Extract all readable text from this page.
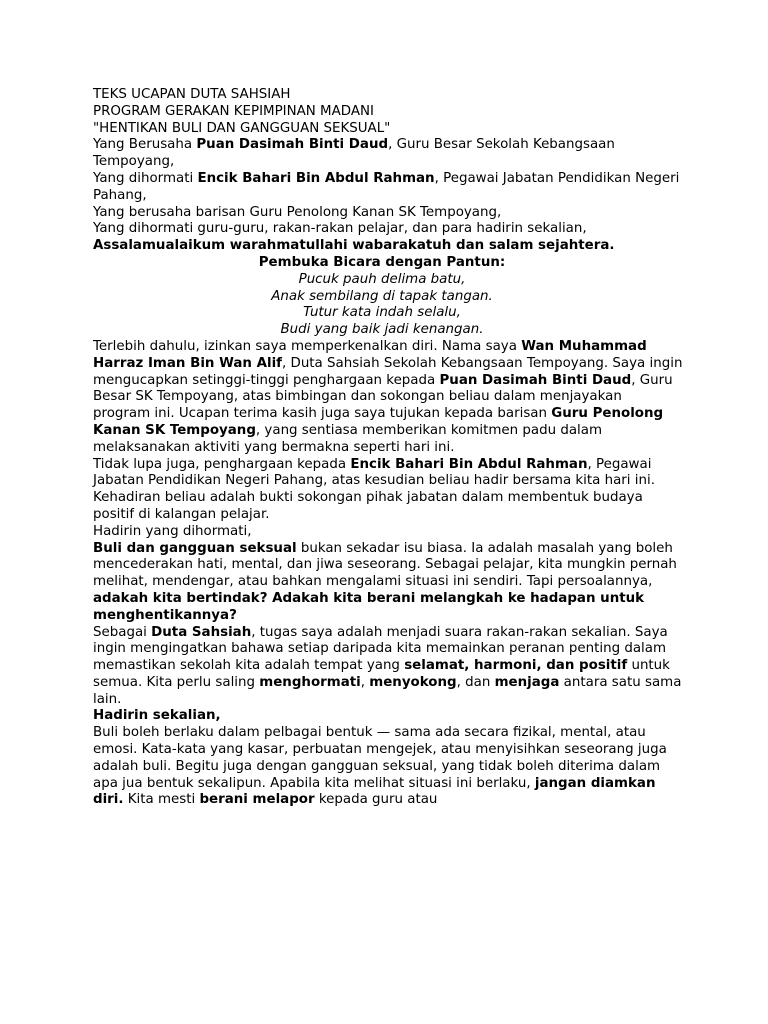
TEKS UCAPAN DUTA SAHSIAH

PROGRAM GERAKAN KEPIMPINAN MADANI
"HENTIKAN BULI DAN GANGGUAN SEKSUAL"

Yang Berusaha Puan Dasimah Binti Daud, Guru Besar Sekolah Kebangsaan Tempoyang,
Yang dihormati Encik Bahari Bin Abdul Rahman, Pegawai Jabatan Pendidikan Negeri Pahang,
Yang berusaha barisan Guru Penolong Kanan SK Tempoyang,
Yang dihormati guru-guru, rakan-rakan pelajar, dan para hadirin sekalian,

Assalamualaikum warahmatullahi wabarakatuh dan salam sejahtera.

Pembuka Bicara dengan Pantun:
Pucuk pauh delima batu,
Anak sembilang di tapak tangan.
Tutur kata indah selalu,
Budi yang baik jadi kenangan.

Terlebih dahulu, izinkan saya memperkenalkan diri. Nama saya Wan Muhammad Harraz Iman Bin Wan Alif, Duta Sahsiah Sekolah Kebangsaan Tempoyang. Saya ingin mengucapkan setinggi-tinggi penghargaan kepada Puan Dasimah Binti Daud, Guru Besar SK Tempoyang, atas bimbingan dan sokongan beliau dalam menjayakan program ini. Ucapan terima kasih juga saya tujukan kepada barisan Guru Penolong Kanan SK Tempoyang, yang sentiasa memberikan komitmen padu dalam melaksanakan aktiviti yang bermakna seperti hari ini.

Tidak lupa juga, penghargaan kepada Encik Bahari Bin Abdul Rahman, Pegawai Jabatan Pendidikan Negeri Pahang, atas kesudian beliau hadir bersama kita hari ini. Kehadiran beliau adalah bukti sokongan pihak jabatan dalam membentuk budaya positif di kalangan pelajar.

Hadirin yang dihormati,

Buli dan gangguan seksual bukan sekadar isu biasa. Ia adalah masalah yang boleh mencederakan hati, mental, dan jiwa seseorang. Sebagai pelajar, kita mungkin pernah melihat, mendengar, atau bahkan mengalami situasi ini sendiri. Tapi persoalannya, adakah kita bertindak? Adakah kita berani melangkah ke hadapan untuk menghentikannya?

Sebagai Duta Sahsiah, tugas saya adalah menjadi suara rakan-rakan sekalian. Saya ingin mengingatkan bahawa setiap daripada kita memainkan peranan penting dalam memastikan sekolah kita adalah tempat yang selamat, harmoni, dan positif untuk semua. Kita perlu saling menghormati, menyokong, dan menjaga antara satu sama lain.

Hadirin sekalian,

Buli boleh berlaku dalam pelbagai bentuk — sama ada secara fizikal, mental, atau emosi. Kata-kata yang kasar, perbuatan mengejek, atau menyisihkan seseorang juga adalah buli. Begitu juga dengan gangguan seksual, yang tidak boleh diterima dalam apa jua bentuk sekalipun. Apabila kita melihat situasi ini berlaku, jangan diamkan diri. Kita mesti berani melapor kepada guru atau
